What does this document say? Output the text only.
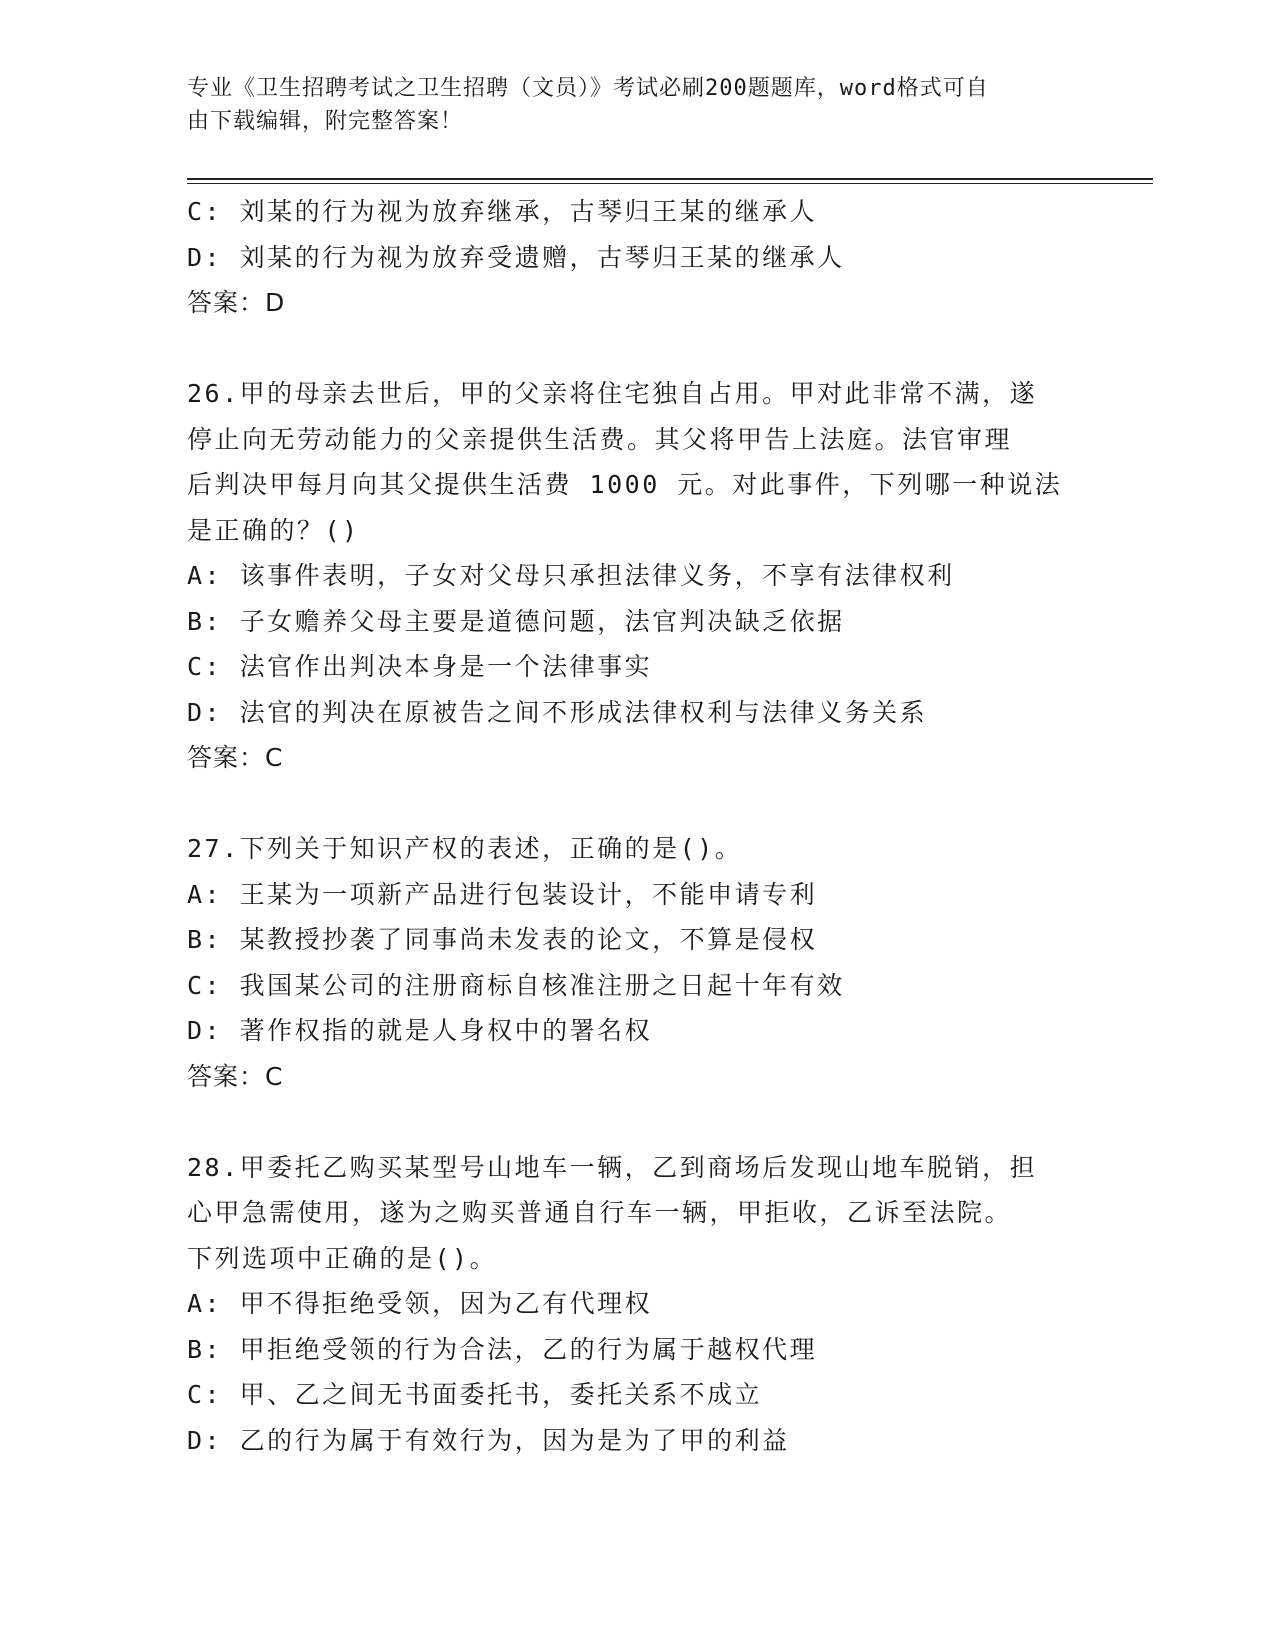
专业《卫生招聘考试之卫生招聘（文员）》考试必刷200题题库，word格式可自
由下载编辑，附完整答案！
C: 刘某的行为视为放弃继承，古琴归王某的继承人
D: 刘某的行为视为放弃受遗赠，古琴归王某的继承人
答案：D
26.甲的母亲去世后，甲的父亲将住宅独自占用。甲对此非常不满，遂
停止向无劳动能力的父亲提供生活费。其父将甲告上法庭。法官审理
后判决甲每月向其父提供生活费 1000 元。对此事件，下列哪一种说法
是正确的？()
A: 该事件表明，子女对父母只承担法律义务，不享有法律权利
B: 子女赡养父母主要是道德问题，法官判决缺乏依据
C: 法官作出判决本身是一个法律事实
D: 法官的判决在原被告之间不形成法律权利与法律义务关系
答案：C
27.下列关于知识产权的表述，正确的是()。
A: 王某为一项新产品进行包装设计，不能申请专利
B: 某教授抄袭了同事尚未发表的论文，不算是侵权
C: 我国某公司的注册商标自核准注册之日起十年有效
D: 著作权指的就是人身权中的署名权
答案：C
28.甲委托乙购买某型号山地车一辆，乙到商场后发现山地车脱销，担
心甲急需使用，遂为之购买普通自行车一辆，甲拒收，乙诉至法院。
下列选项中正确的是()。
A: 甲不得拒绝受领，因为乙有代理权
B: 甲拒绝受领的行为合法，乙的行为属于越权代理
C: 甲、乙之间无书面委托书，委托关系不成立
D: 乙的行为属于有效行为，因为是为了甲的利益
